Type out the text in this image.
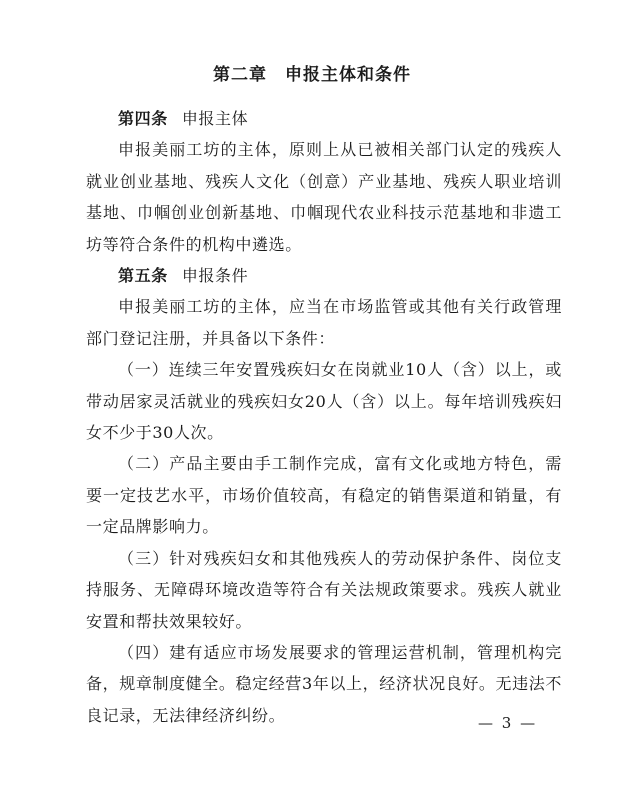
第二章　申报主体和条件

第四条 申报主体

申报美丽工坊的主体，原则上从已被相关部门认定的残疾人就业创业基地、残疾人文化（创意）产业基地、残疾人职业培训基地、巾帼创业创新基地、巾帼现代农业科技示范基地和非遗工坊等符合条件的机构中遴选。

第五条 申报条件

申报美丽工坊的主体，应当在市场监管或其他有关行政管理部门登记注册，并具备以下条件：

（一）连续三年安置残疾妇女在岗就业10人（含）以上，或带动居家灵活就业的残疾妇女20人（含）以上。每年培训残疾妇女不少于30人次。

（二）产品主要由手工制作完成，富有文化或地方特色，需要一定技艺水平，市场价值较高，有稳定的销售渠道和销量，有一定品牌影响力。

（三）针对残疾妇女和其他残疾人的劳动保护条件、岗位支持服务、无障碍环境改造等符合有关法规政策要求。残疾人就业安置和帮扶效果较好。

（四）建有适应市场发展要求的管理运营机制，管理机构完备，规章制度健全。稳定经营3年以上，经济状况良好。无违法不良记录，无法律经济纠纷。	— 3 —
